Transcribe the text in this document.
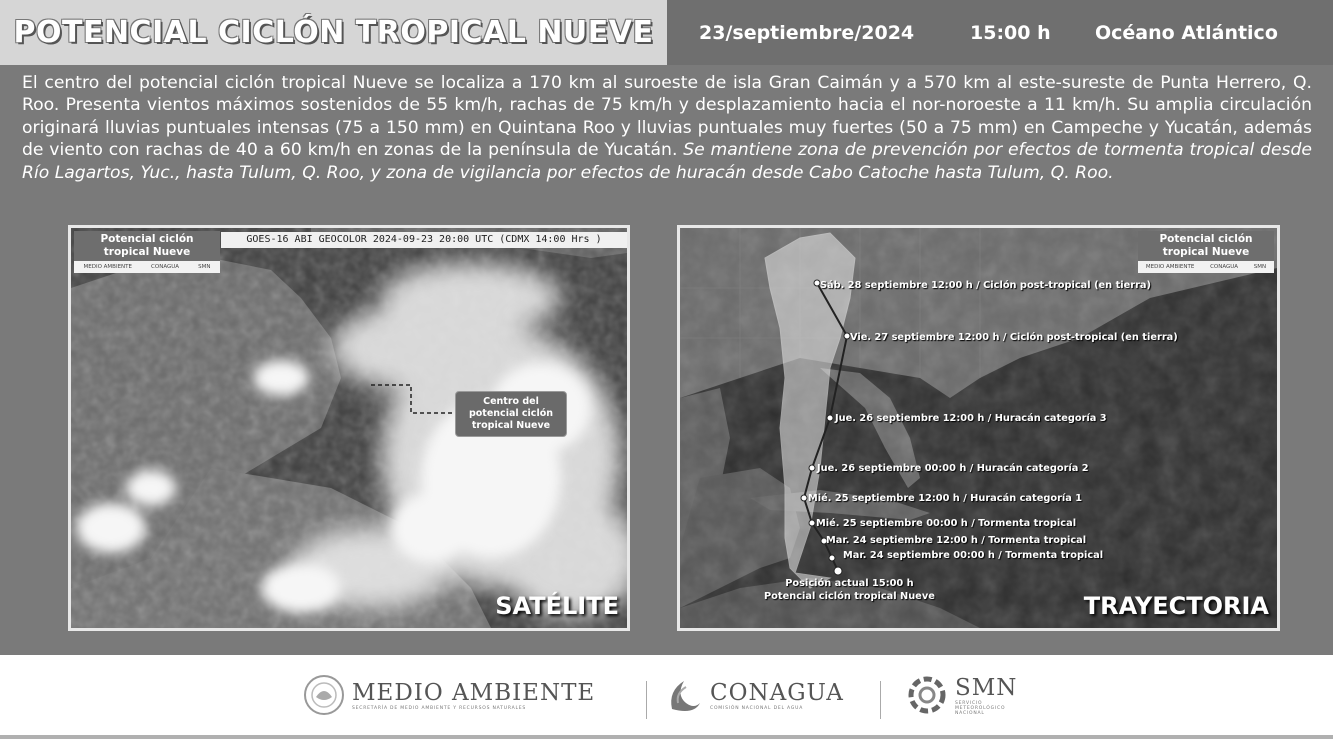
POTENCIAL CICLÓN TROPICAL NUEVE 23/septiembre/2024	15:00 h Océano Atlántico
El centro del potencial ciclón tropical Nueve se localiza a 170 km al suroeste de isla Gran Caimán y a 570 km al este-sureste de Punta Herrero, Q. Roo. Presenta vientos máximos sostenidos de 55 km/h, rachas de 75 km/h y desplazamiento hacia el nor-noroeste a 11 km/h. Su amplia circulación originará lluvias puntuales intensas (75 a 150 mm) en Quintana Roo y lluvias puntuales muy fuertes (50 a 75 mm) en Campeche y Yucatán, además de viento con rachas de 40 a 60 km/h en zonas de la península de Yucatán. Se mantiene zona de prevención por efectos de tormenta tropical desde Río Lagartos, Yuc., hasta Tulum, Q. Roo, y zona de vigilancia por efectos de huracán desde Cabo Catoche hasta Tulum, Q. Roo.
Potencial ciclón
tropical Nueve
MEDIO AMBIENTE	CONAGUA	SMN
GOES-16 ABI GEOCOLOR 2024-09-23 20:00 UTC (CDMX 14:00 Hrs )
Centro del
potencial ciclón
tropical Nueve
SATÉLITE
Potencial ciclón
tropical Nueve
MEDIO AMBIENTE	CONAGUA	SMN
Sáb. 28 septiembre 12:00 h / Ciclón post-tropical (en tierra)
Vie. 27 septiembre 12:00 h / Ciclón post-tropical (en tierra)
Jue. 26 septiembre 12:00 h / Huracán categoría 3
Jue. 26 septiembre 00:00 h / Huracán categoría 2
Mié. 25 septiembre 12:00 h / Huracán categoría 1
Mié. 25 septiembre 00:00 h / Tormenta tropical
Mar. 24 septiembre 12:00 h / Tormenta tropical
Mar. 24 septiembre 00:00 h / Tormenta tropical
Posición actual 15:00 h
Potencial ciclón tropical Nueve	TRAYECTORIA
MEDIO AMBIENTE
SECRETARÍA DE MEDIO AMBIENTE Y RECURSOS NATURALES
CONAGUA
COMISIÓN NACIONAL DEL AGUA
SMN
SERVICIO
METEOROLÓGICO
NACIONAL
